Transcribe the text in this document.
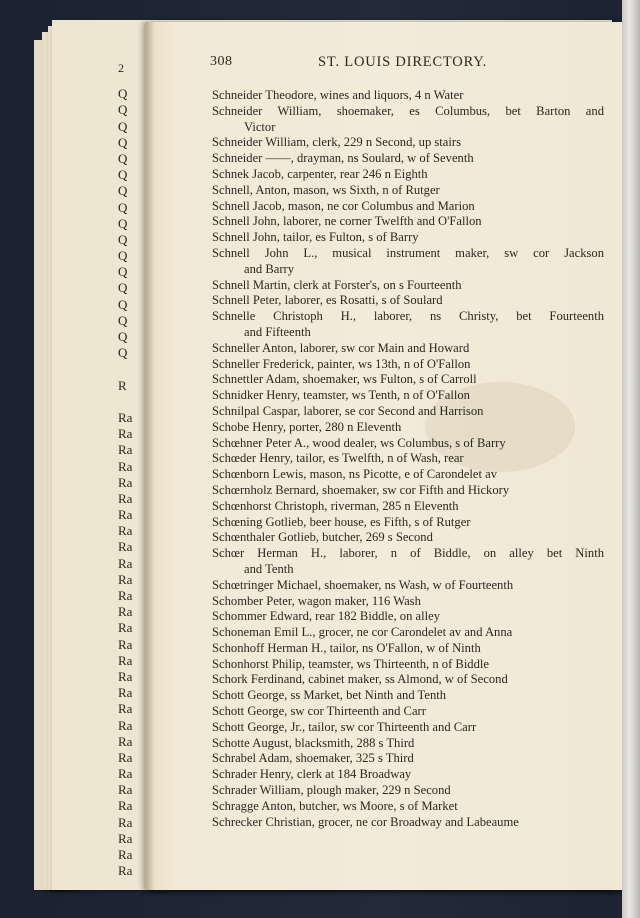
2
Q
Q
Q
Q
Q
Q
Q
Q
Q
Q
Q
Q
Q
Q
Q
Q
Q
R
Ra
Ra
Ra
Ra
Ra
Ra
Ra
Ra
Ra
Ra
Ra
Ra
Ra
Ra
Ra
Ra
Ra
Ra
Ra
Ra
Ra
Ra
Ra
Ra
Ra
Ra
Ra
Ra
Ra
308	ST. LOUIS DIRECTORY.
Schneider Theodore, wines and liquors, 4 n Water
Schneider William, shoemaker, es Columbus, bet Barton and
Victor
Schneider William, clerk, 229 n Second, up stairs
Schneider ——, drayman, ns Soulard, w of Seventh
Schnek Jacob, carpenter, rear 246 n Eighth
Schnell, Anton, mason, ws Sixth, n of Rutger
Schnell Jacob, mason, ne cor Columbus and Marion
Schnell John, laborer, ne corner Twelfth and O'Fallon
Schnell John, tailor, es Fulton, s of Barry
Schnell John L., musical instrument maker, sw cor Jackson
and Barry
Schnell Martin, clerk at Forster's, on s Fourteenth
Schnell Peter, laborer, es Rosatti, s of Soulard
Schnelle Christoph H., laborer, ns Christy, bet Fourteenth
and Fifteenth
Schneller Anton, laborer, sw cor Main and Howard
Schneller Frederick, painter, ws 13th, n of O'Fallon
Schnettler Adam, shoemaker, ws Fulton, s of Carroll
Schnidker Henry, teamster, ws Tenth, n of O'Fallon
Schnilpal Caspar, laborer, se cor Second and Harrison
Schobe Henry, porter, 280 n Eleventh
Schœhner Peter A., wood dealer, ws Columbus, s of Barry
Schœder Henry, tailor, es Twelfth, n of Wash, rear
Schœnborn Lewis, mason, ns Picotte, e of Carondelet av
Schœrnholz Bernard, shoemaker, sw cor Fifth and Hickory
Schœnhorst Christoph, riverman, 285 n Eleventh
Schœning Gotlieb, beer house, es Fifth, s of Rutger
Schœnthaler Gotlieb, butcher, 269 s Second
Schœr Herman H., laborer, n of Biddle, on alley bet Ninth
and Tenth
Schœtringer Michael, shoemaker, ns Wash, w of Fourteenth
Schomber Peter, wagon maker, 116 Wash
Schommer Edward, rear 182 Biddle, on alley
Schoneman Emil L., grocer, ne cor Carondelet av and Anna
Schonhoff Herman H., tailor, ns O'Fallon, w of Ninth
Schonhorst Philip, teamster, ws Thirteenth, n of Biddle
Schork Ferdinand, cabinet maker, ss Almond, w of Second
Schott George, ss Market, bet Ninth and Tenth
Schott George, sw cor Thirteenth and Carr
Schott George, Jr., tailor, sw cor Thirteenth and Carr
Schotte August, blacksmith, 288 s Third
Schrabel Adam, shoemaker, 325 s Third
Schrader Henry, clerk at 184 Broadway
Schrader William, plough maker, 229 n Second
Schragge Anton, butcher, ws Moore, s of Market
Schrecker Christian, grocer, ne cor Broadway and Labeaume
